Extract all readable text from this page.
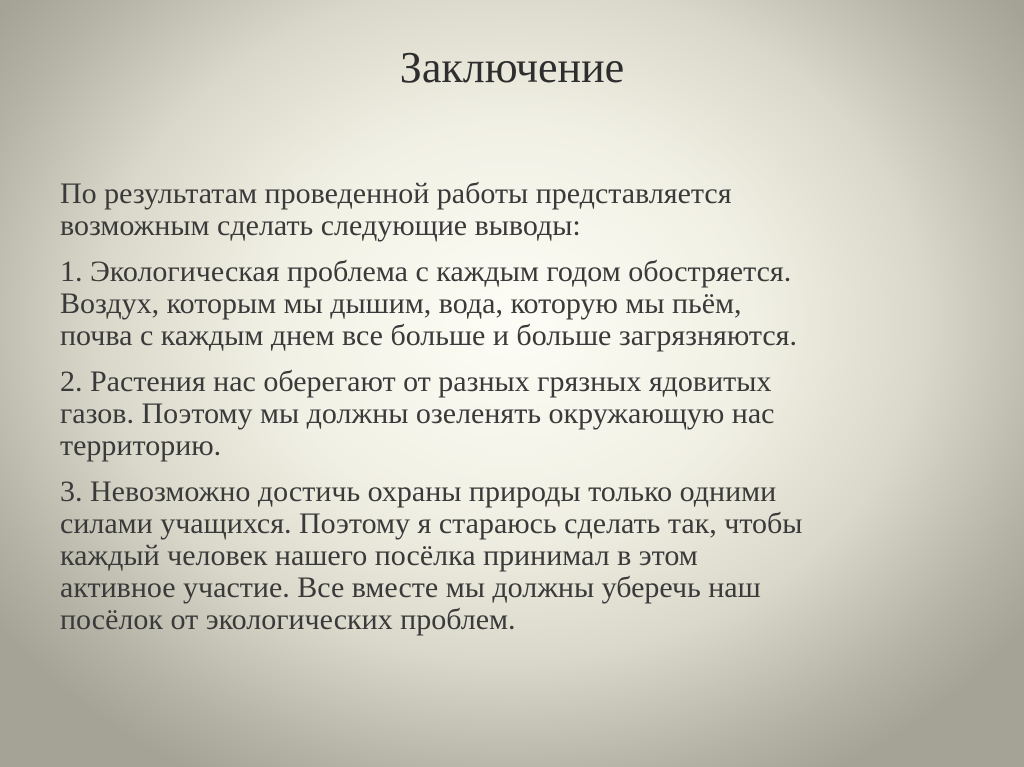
Заключение

По результатам проведенной работы представляется
возможным сделать следующие выводы:

1. Экологическая проблема с каждым годом обостряется.
Воздух, которым мы дышим, вода, которую мы пьём,
почва с каждым днем все больше и больше загрязняются.

2. Растения нас оберегают от разных грязных ядовитых
газов. Поэтому мы должны озеленять окружающую нас
территорию.

3. Невозможно достичь охраны природы только одними
силами учащихся. Поэтому я стараюсь сделать так, чтобы
каждый человек нашего посёлка принимал в этом
активное участие. Все вместе мы должны уберечь наш
посёлок от экологических проблем.
